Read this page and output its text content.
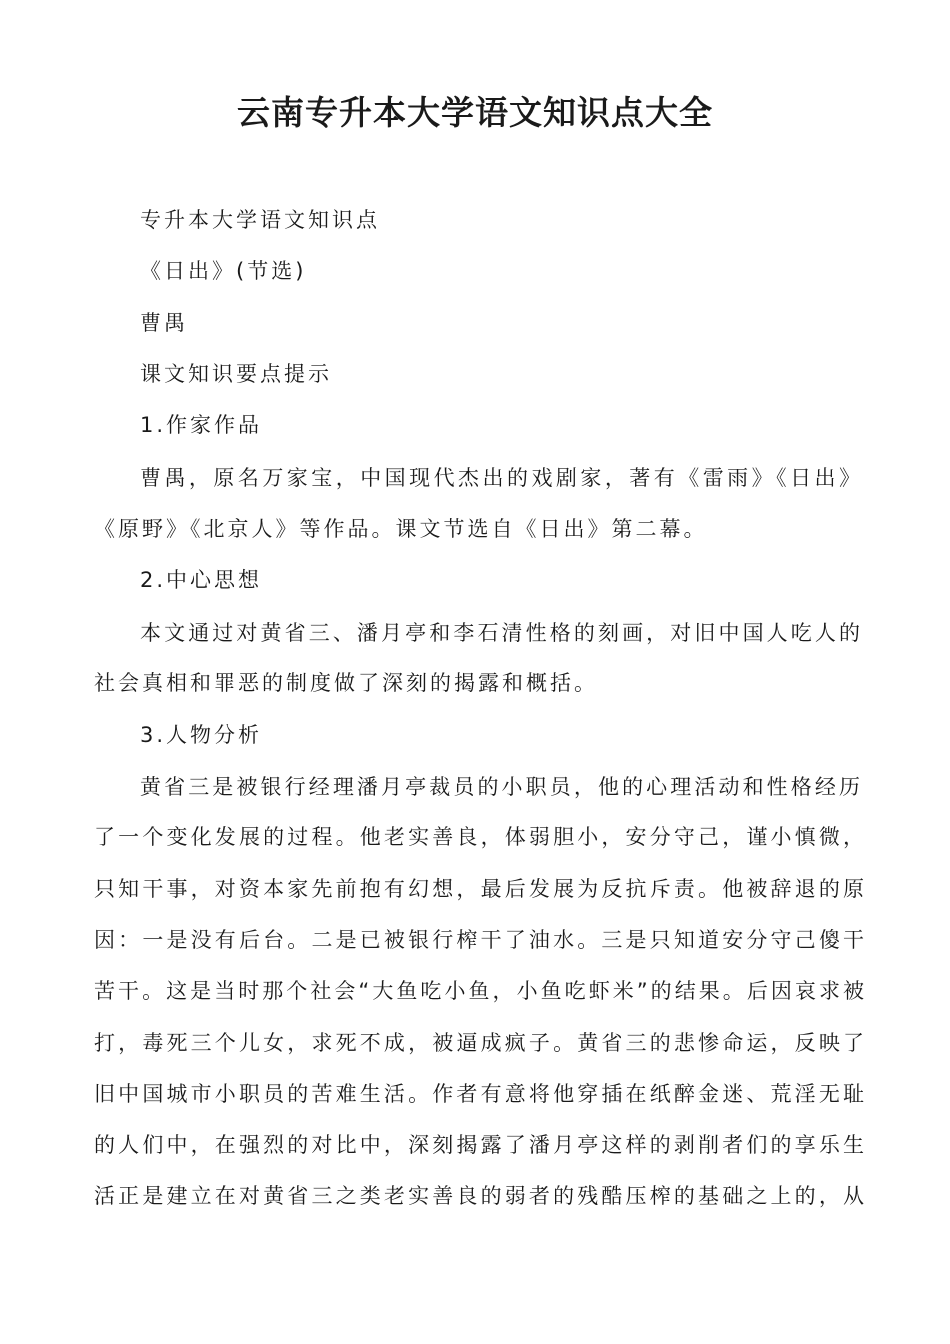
云南专升本大学语文知识点大全
专升本大学语文知识点
《日出》(节选)
曹禺
课文知识要点提示
1.作家作品
曹禺，原名万家宝，中国现代杰出的戏剧家，著有《雷雨》《日出》
《原野》《北京人》等作品。课文节选自《日出》第二幕。
2.中心思想
本文通过对黄省三、潘月亭和李石清性格的刻画，对旧中国人吃人的
社会真相和罪恶的制度做了深刻的揭露和概括。
3.人物分析
黄省三是被银行经理潘月亭裁员的小职员，他的心理活动和性格经历
了一个变化发展的过程。他老实善良，体弱胆小，安分守己，谨小慎微，
只知干事，对资本家先前抱有幻想，最后发展为反抗斥责。他被辞退的原
因：一是没有后台。二是已被银行榨干了油水。三是只知道安分守己傻干
苦干。这是当时那个社会“大鱼吃小鱼，小鱼吃虾米”的结果。后因哀求被
打，毒死三个儿女，求死不成，被逼成疯子。黄省三的悲惨命运，反映了
旧中国城市小职员的苦难生活。作者有意将他穿插在纸醉金迷、荒淫无耻
的人们中，在强烈的对比中，深刻揭露了潘月亭这样的剥削者们的享乐生
活正是建立在对黄省三之类老实善良的弱者的残酷压榨的基础之上的，从
